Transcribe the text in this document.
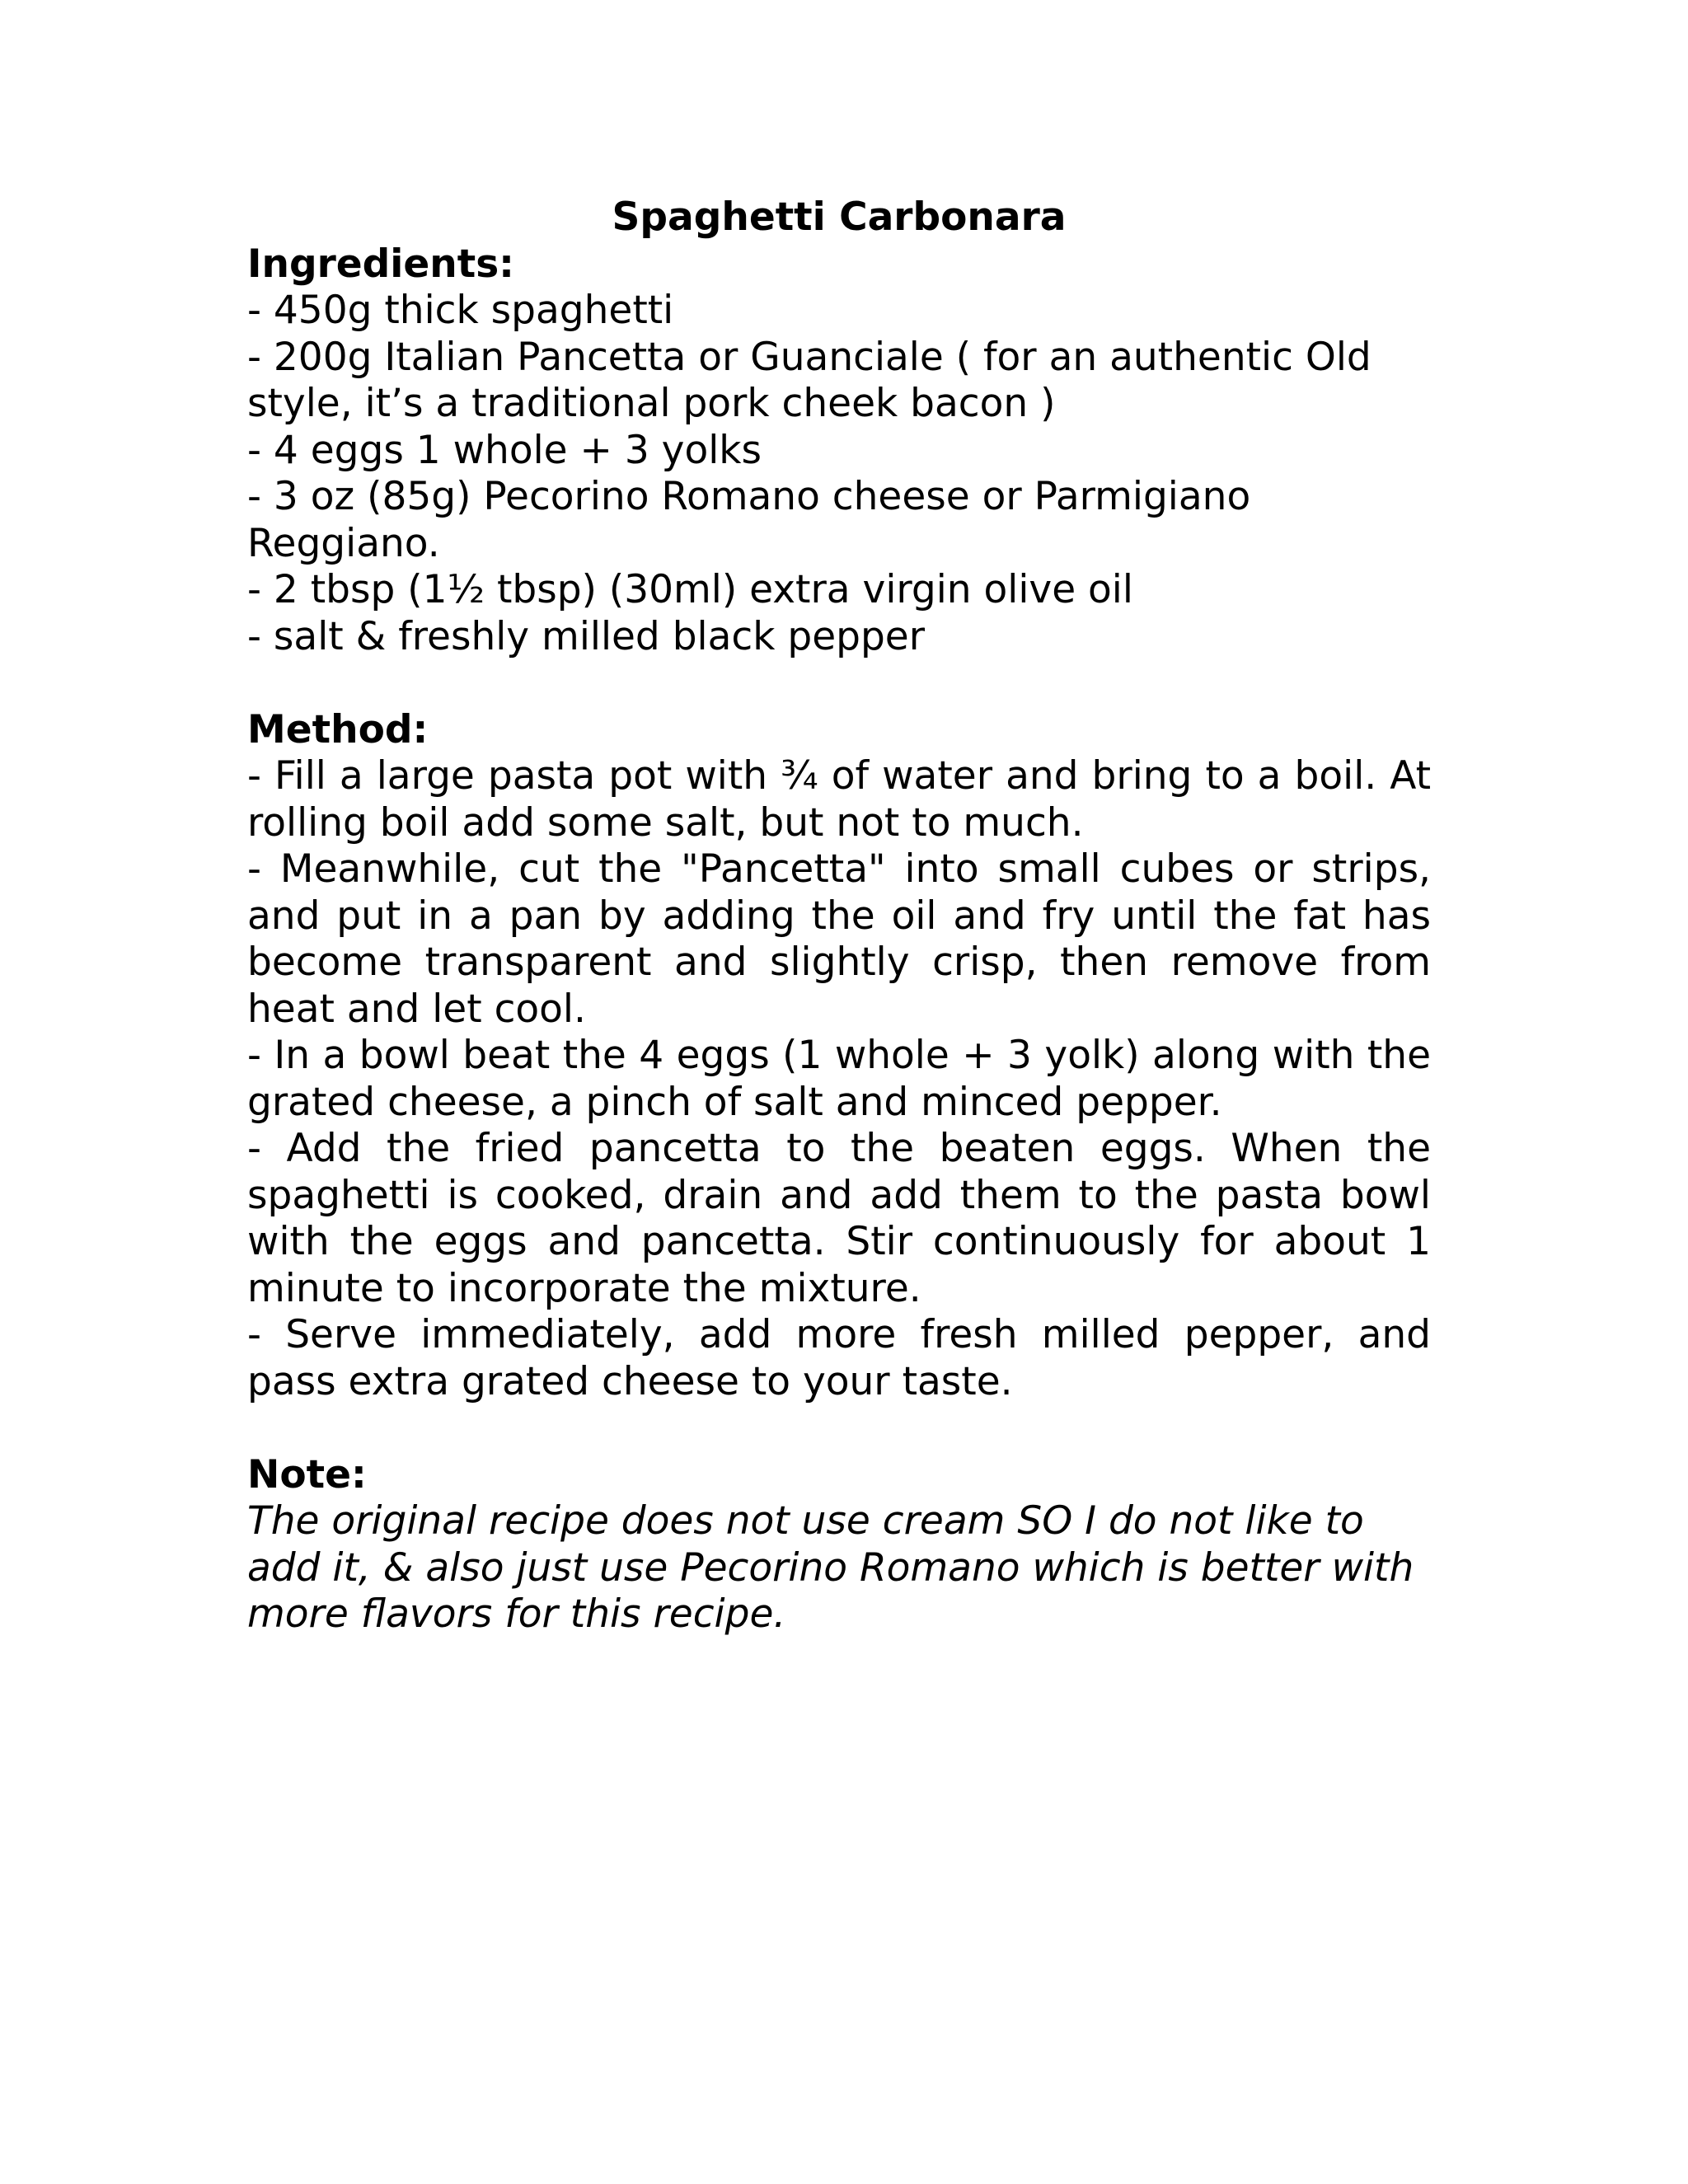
Spaghetti Carbonara
Ingredients:
- 450g thick spaghetti
- 200g Italian Pancetta or Guanciale ( for an authentic Old style, it’s a traditional pork cheek bacon )
- 4 eggs 1 whole + 3 yolks
- 3 oz (85g) Pecorino Romano cheese or Parmigiano Reggiano.
- 2 tbsp (1½ tbsp) (30ml) extra virgin olive oil
- salt & freshly milled black pepper
Method:
- Fill a large pasta pot with ¾ of water and bring to a boil. At rolling boil add some salt, but not to much.
- Meanwhile, cut the "Pancetta" into small cubes or strips, and put in a pan by adding the oil and fry until the fat has become transparent and slightly crisp, then remove from heat and let cool.
- In a bowl beat the 4 eggs (1 whole + 3 yolk) along with the grated cheese, a pinch of salt and minced pepper.
- Add the fried pancetta to the beaten eggs. When the spaghetti is cooked, drain and add them to the pasta bowl with the eggs and pancetta. Stir continuously for about 1 minute to incorporate the mixture.
- Serve immediately, add more fresh milled pepper, and pass extra grated cheese to your taste.
Note:

The original recipe does not use cream SO I do not like to add it, & also just use Pecorino Romano which is better with more flavors for this recipe.
